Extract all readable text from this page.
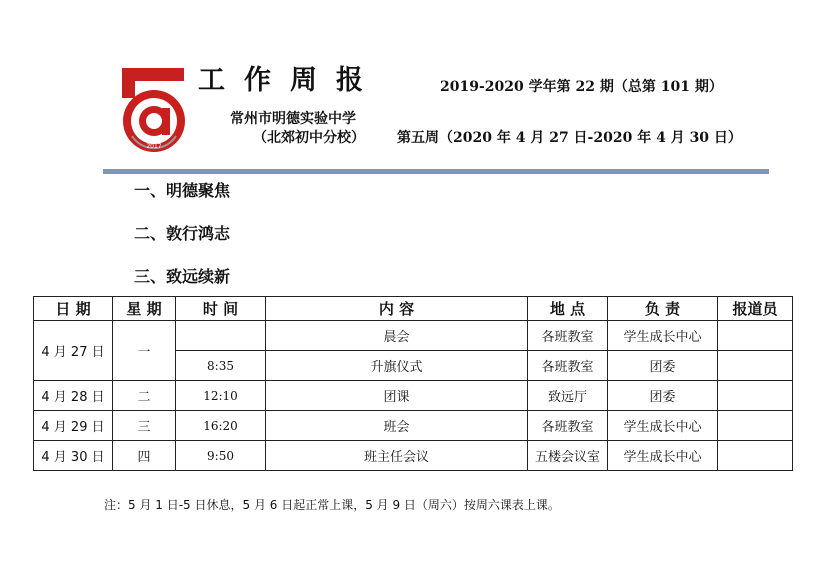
2017
工作周报	2019-2020 学年第 22 期（总第 101 期）
常州市明德实验中学
（北郊初中分校） 第五周（2020 年 4 月 27 日-2020 年 4 月 30 日）
一、明德聚焦
二、敦行鸿志
三、致远续新
日 期	星 期	时 间	内 容	地 点	负 责	报道员
4 月 27 日	一		晨会	各班教室	学生成长中心	
		8:35	升旗仪式	各班教室	团委	
4 月 28 日	二	12:10	团课	致远厅	团委	
4 月 29 日	三	16:20	班会	各班教室	学生成长中心	
4 月 30 日	四	9:50	班主任会议	五楼会议室	学生成长中心	
注：5 月 1 日-5 日休息，5 月 6 日起正常上课，5 月 9 日（周六）按周六课表上课。
